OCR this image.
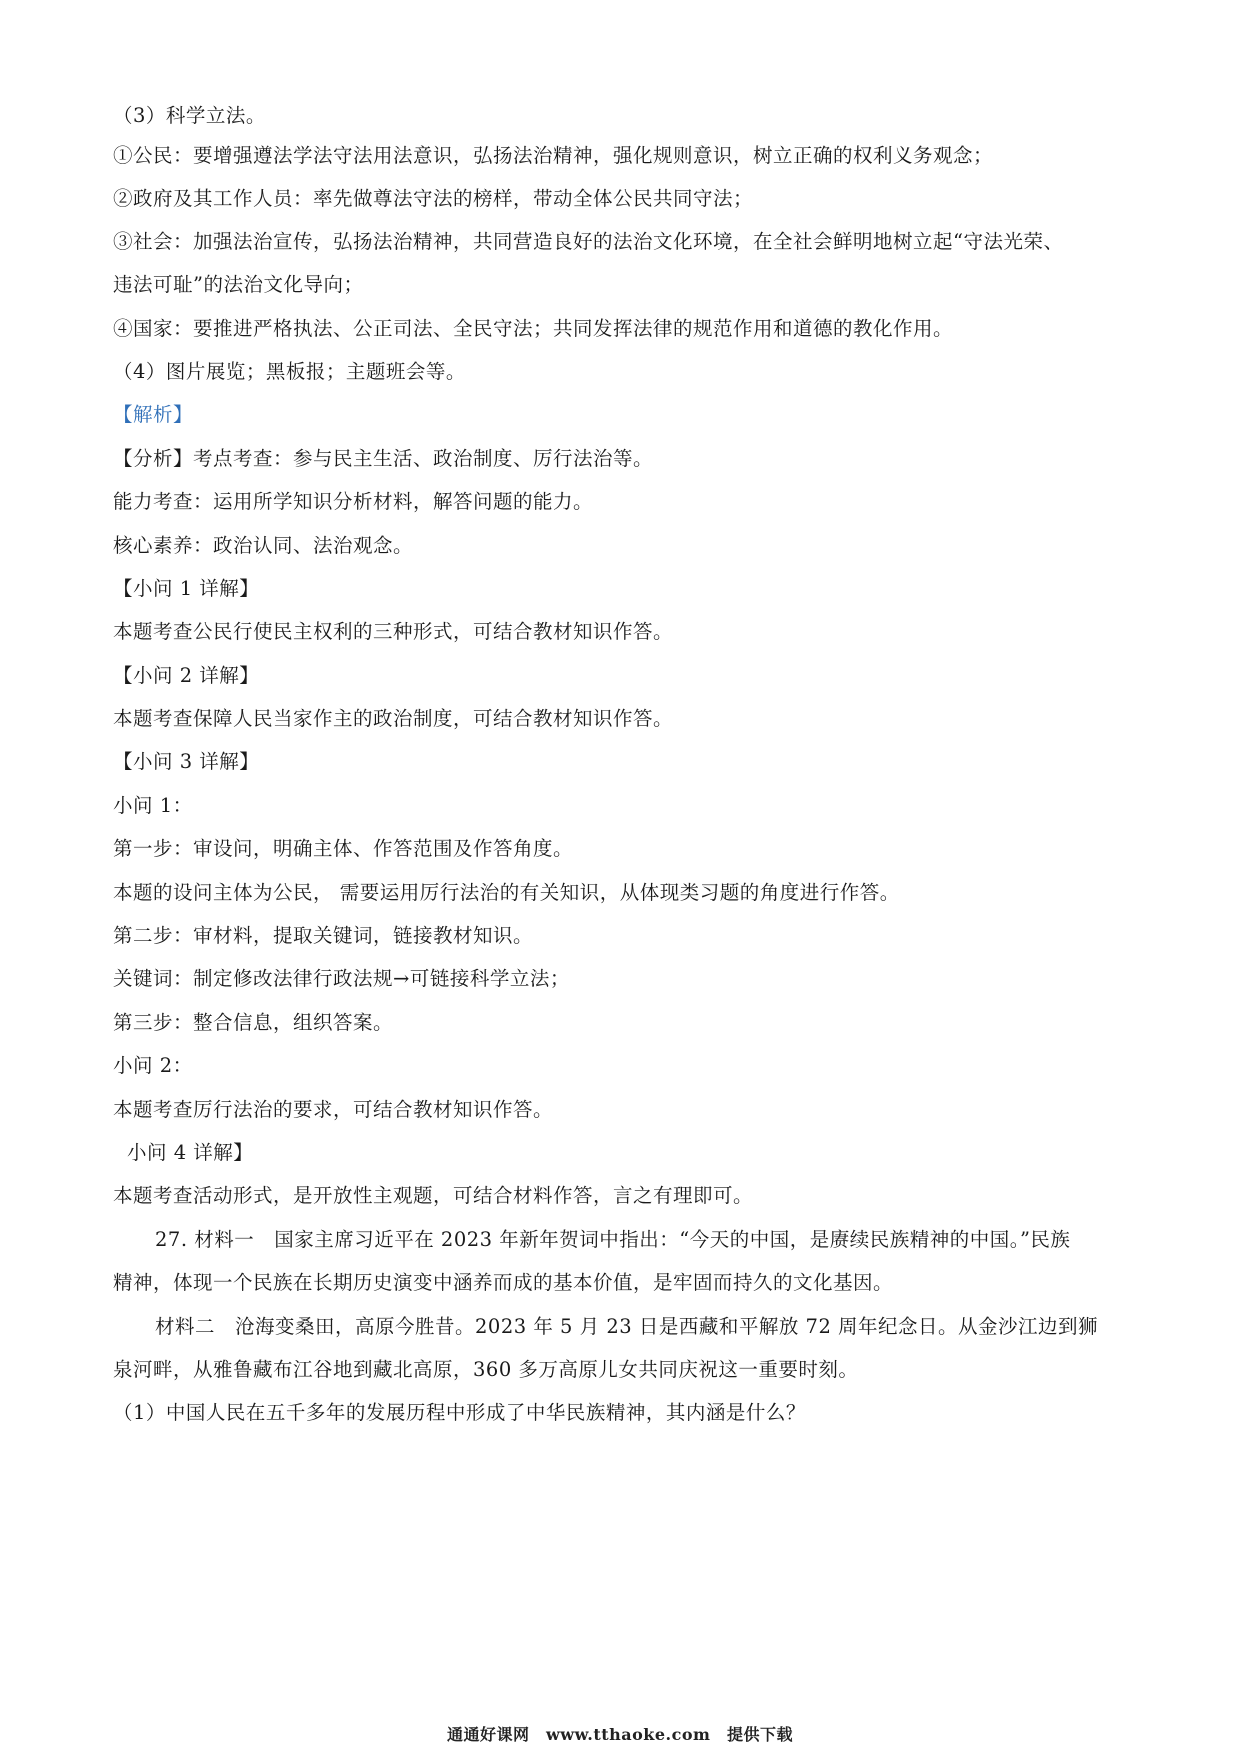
（3）科学立法。
①公民：要增强遵法学法守法用法意识，弘扬法治精神，强化规则意识，树立正确的权利义务观念；
②政府及其工作人员：率先做尊法守法的榜样，带动全体公民共同守法；
③社会：加强法治宣传，弘扬法治精神，共同营造良好的法治文化环境，在全社会鲜明地树立起“守法光荣、
违法可耻”的法治文化导向；
④国家：要推进严格执法、公正司法、全民守法；共同发挥法律的规范作用和道德的教化作用。
（4）图片展览；黑板报；主题班会等。
【解析】
【分析】考点考查：参与民主生活、政治制度、厉行法治等。
能力考查：运用所学知识分析材料，解答问题的能力。
核心素养：政治认同、法治观念。
【小问 1 详解】
本题考查公民行使民主权利的三种形式，可结合教材知识作答。
【小问 2 详解】
本题考查保障人民当家作主的政治制度，可结合教材知识作答。
【小问 3 详解】
小问 1：
第一步：审设问，明确主体、作答范围及作答角度。
本题的设问主体为公民， 需要运用厉行法治的有关知识，从体现类习题的角度进行作答。
第二步：审材料，提取关键词，链接教材知识。
关键词：制定修改法律行政法规→可链接科学立法；
第三步：整合信息，组织答案。
小问 2：
本题考查厉行法治的要求，可结合教材知识作答。
小问 4 详解】
本题考查活动形式，是开放性主观题，可结合材料作答，言之有理即可。
27. 材料一　国家主席习近平在 2023 年新年贺词中指出：“今天的中国，是赓续民族精神的中国。”民族
精神，体现一个民族在长期历史演变中涵养而成的基本价值，是牢固而持久的文化基因。
材料二　沧海变桑田，高原今胜昔。2023 年 5 月 23 日是西藏和平解放 72 周年纪念日。从金沙江边到狮
泉河畔，从雅鲁藏布江谷地到藏北高原，360 多万高原儿女共同庆祝这一重要时刻。
（1）中国人民在五千多年的发展历程中形成了中华民族精神，其内涵是什么？
通通好课网　www.tthaoke.com　提供下载
